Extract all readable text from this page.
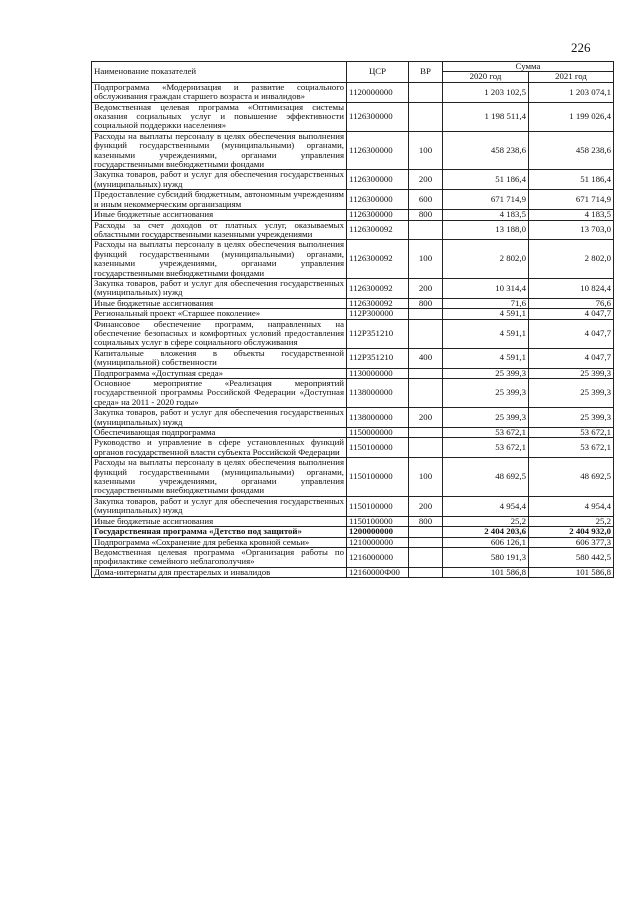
226
Наименование показателей	ЦСР	ВР	Сумма	
			2020 год	2021 год
Подпрограмма «Модернизация и развитие социального обслуживания граждан старшего возраста и инвалидов»	1120000000		1 203 102,5	1 203 074,1
Ведомственная целевая программа «Оптимизация системы оказания социальных услуг и повышение эффективности социальной поддержки населения»	1126300000		1 198 511,4	1 199 026,4
Расходы на выплаты персоналу в целях обеспечения выполнения функций государственными (муниципальными) органами, казенными учреждениями, органами управления государственными внебюджетными фондами	1126300000	100	458 238,6	458 238,6
Закупка товаров, работ и услуг для обеспечения государственных (муниципальных) нужд	1126300000	200	51 186,4	51 186,4
Предоставление субсидий бюджетным, автономным учреждениям и иным некоммерческим организациям	1126300000	600	671 714,9	671 714,9
Иные бюджетные ассигнования	1126300000	800	4 183,5	4 183,5
Расходы за счет доходов от платных услуг, оказываемых областными государственными казенными учреждениями	1126300092		13 188,0	13 703,0
Расходы на выплаты персоналу в целях обеспечения выполнения функций государственными (муниципальными) органами, казенными учреждениями, органами управления государственными внебюджетными фондами	1126300092	100	2 802,0	2 802,0
Закупка товаров, работ и услуг для обеспечения государственных (муниципальных) нужд	1126300092	200	10 314,4	10 824,4
Иные бюджетные ассигнования	1126300092	800	71,6	76,6
Региональный проект «Старшее поколение»	112P300000		4 591,1	4 047,7
Финансовое обеспечение программ, направленных на обеспечение безопасных и комфортных условий предоставления социальных услуг в сфере социального обслуживания	112P351210		4 591,1	4 047,7
Капитальные вложения в объекты государственной (муниципальной) собственности	112P351210	400	4 591,1	4 047,7
Подпрограмма «Доступная среда»	1130000000		25 399,3	25 399,3
Основное мероприятие «Реализация мероприятий государственной программы Российской Федерации «Доступная среда» на 2011 - 2020 годы»	1138000000		25 399,3	25 399,3
Закупка товаров, работ и услуг для обеспечения государственных (муниципальных) нужд	1138000000	200	25 399,3	25 399,3
Обеспечивающая подпрограмма	1150000000		53 672,1	53 672,1
Руководство и управление в сфере установленных функций органов государственной власти субъекта Российской Федерации	1150100000		53 672,1	53 672,1
Расходы на выплаты персоналу в целях обеспечения выполнения функций государственными (муниципальными) органами, казенными учреждениями, органами управления государственными внебюджетными фондами	1150100000	100	48 692,5	48 692,5
Закупка товаров, работ и услуг для обеспечения государственных (муниципальных) нужд	1150100000	200	4 954,4	4 954,4
Иные бюджетные ассигнования	1150100000	800	25,2	25,2
Государственная программа «Детство под защитой»	1200000000		2 404 203,6	2 404 932,0
Подпрограмма «Сохранение для ребенка кровной семьи»	1210000000		606 126,1	606 377,3
Ведомственная целевая программа «Организация работы по профилактике семейного неблагополучия»	1216000000		580 191,3	580 442,5
Дома-интернаты для престарелых и инвалидов	12160000Ф00		101 586,8	101 586,8
